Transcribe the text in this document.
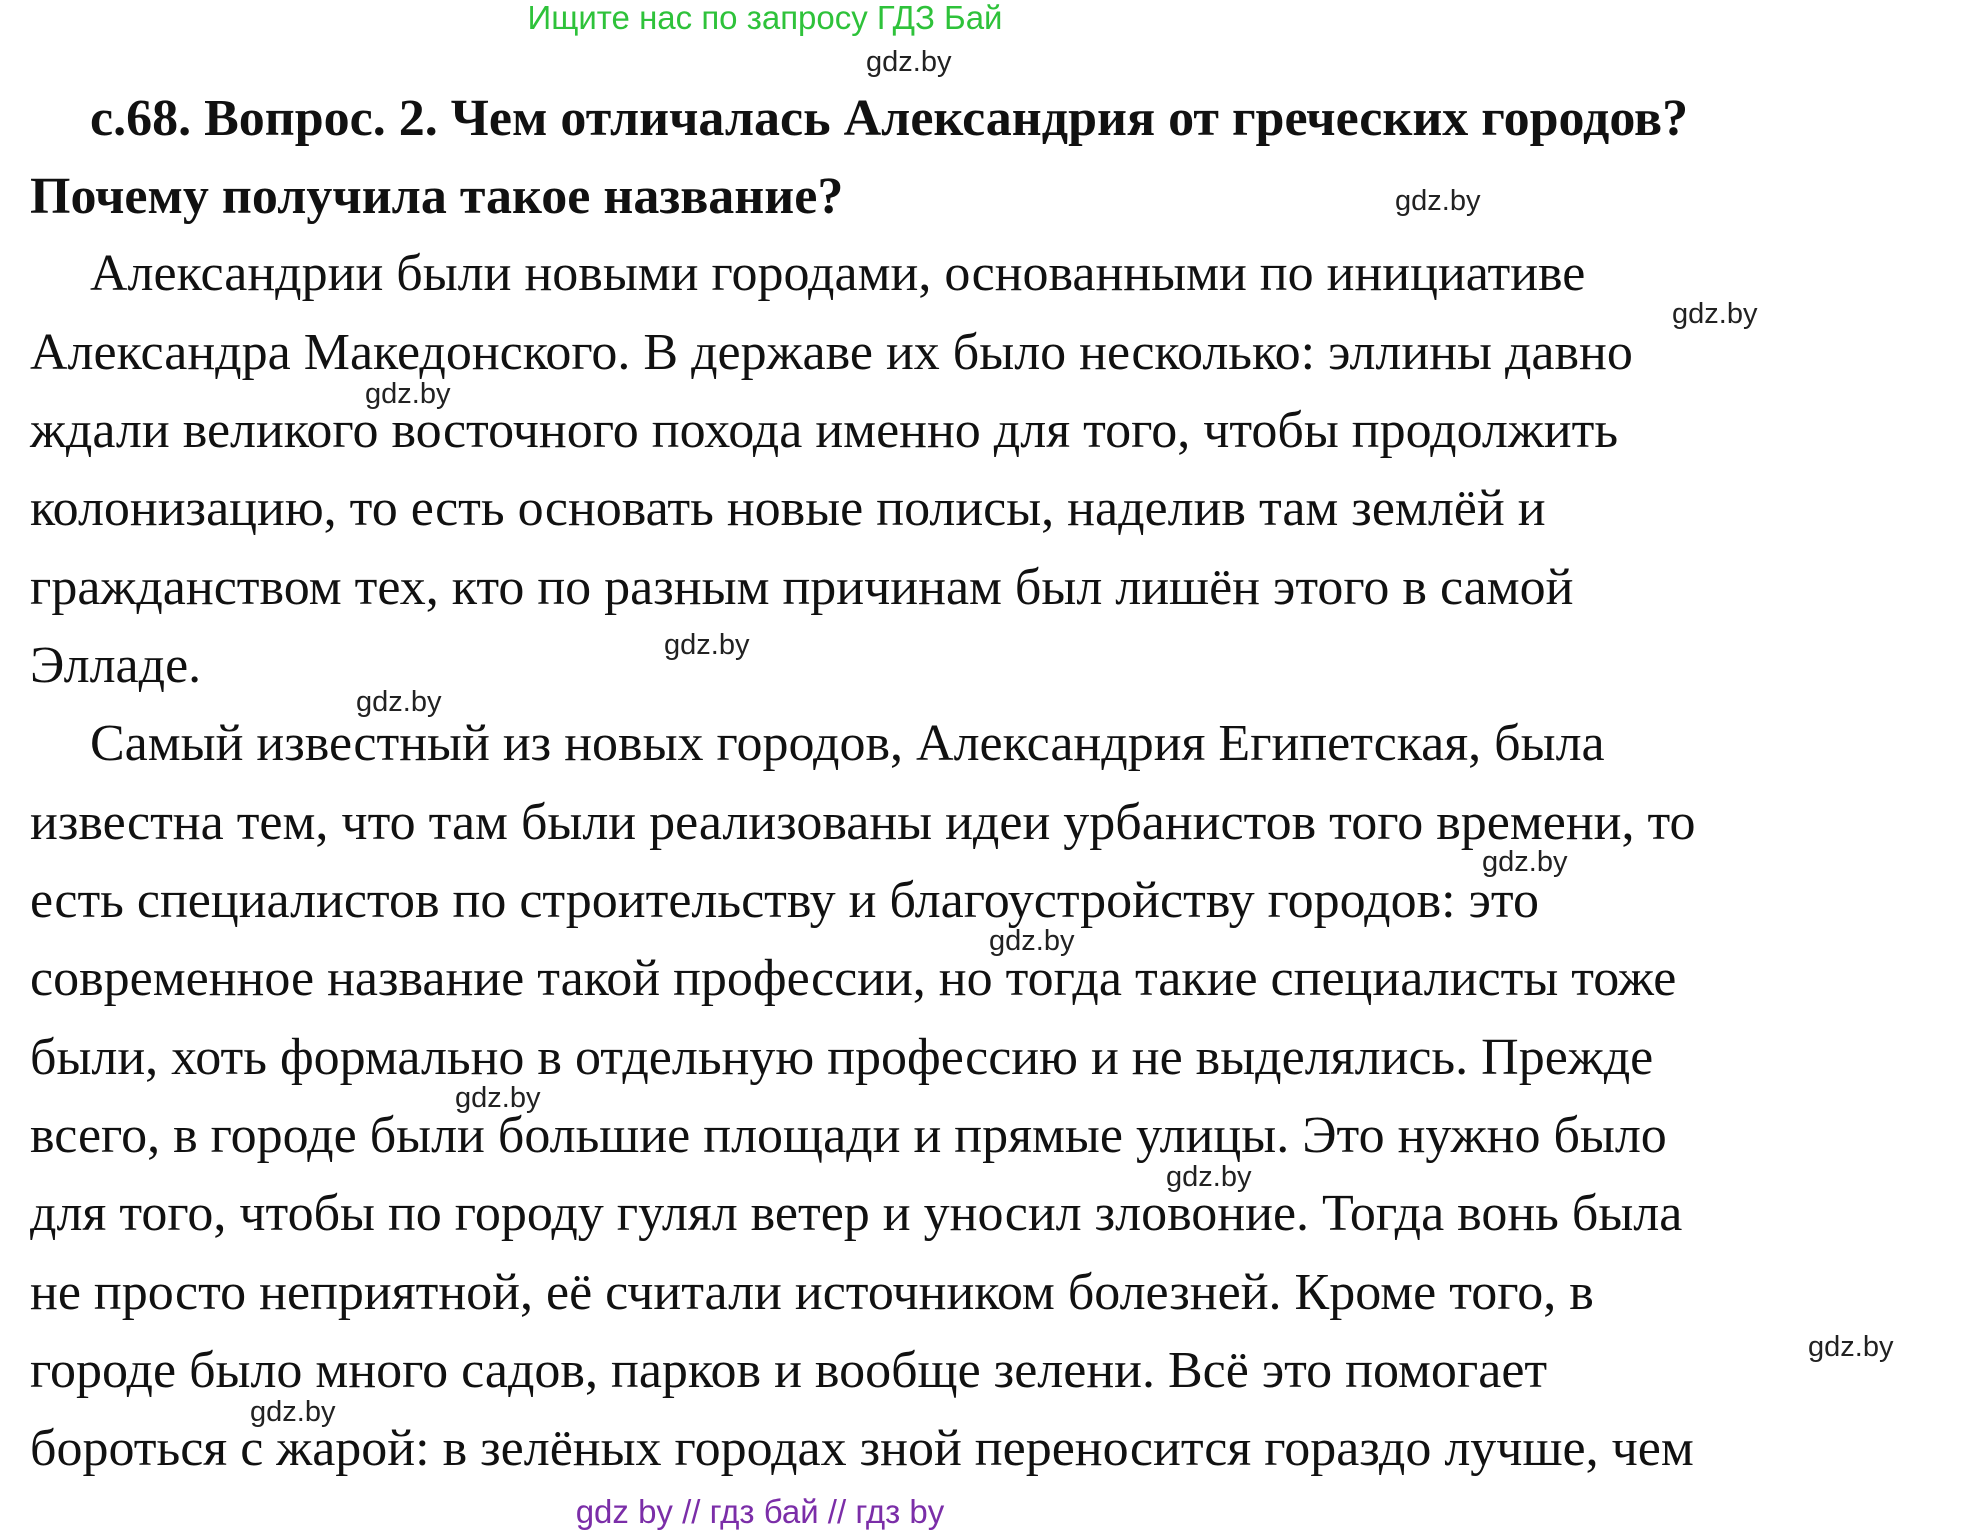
Ищите нас по запросу ГДЗ Бай
gdz.by
gdz.by
gdz.by
gdz.by
gdz.by
gdz.by
gdz.by
gdz.by
gdz.by
gdz.by
gdz.by
gdz.by
с.68. Вопрос. 2. Чем отличалась Александрия от греческих городов?
Почему получила такое название?
Александрии были новыми городами, основанными по инициативе
Александра Македонского. В державе их было несколько: эллины давно
ждали великого восточного похода именно для того, чтобы продолжить
колонизацию, то есть основать новые полисы, наделив там землёй и
гражданством тех, кто по разным причинам был лишён этого в самой
Элладе.
Самый известный из новых городов, Александрия Египетская, была
известна тем, что там были реализованы идеи урбанистов того времени, то
есть специалистов по строительству и благоустройству городов: это
современное название такой профессии, но тогда такие специалисты тоже
были, хоть формально в отдельную профессию и не выделялись. Прежде
всего, в городе были большие площади и прямые улицы. Это нужно было
для того, чтобы по городу гулял ветер и уносил зловоние. Тогда вонь была
не просто неприятной, её считали источником болезней. Кроме того, в
городе было много садов, парков и вообще зелени. Всё это помогает
бороться с жарой: в зелёных городах зной переносится гораздо лучше, чем
gdz by // гдз бай // гдз by
